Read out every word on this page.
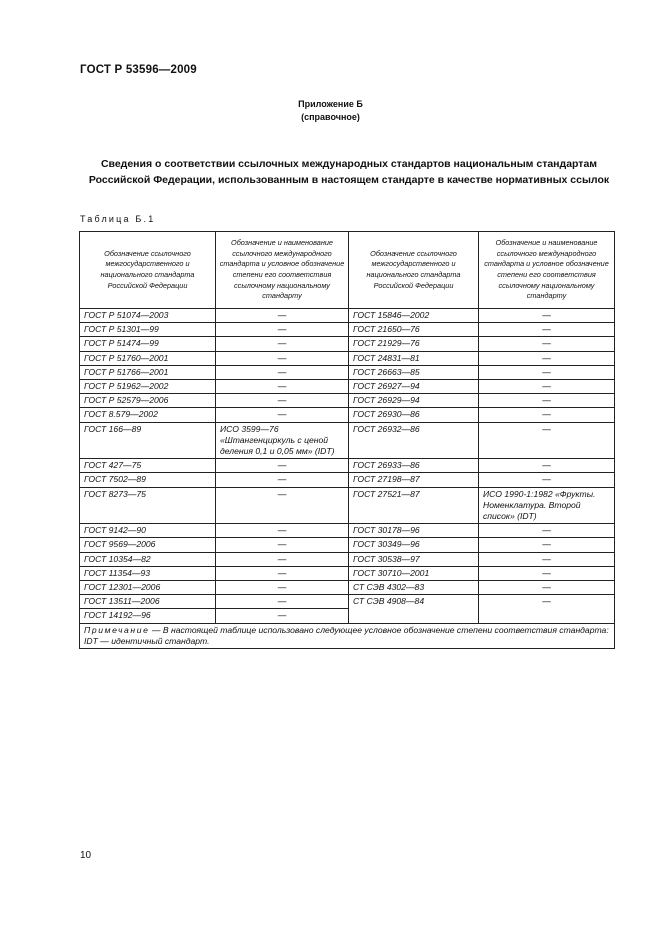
ГОСТ Р 53596—2009
Приложение Б
(справочное)
Сведения о соответствии ссылочных международных стандартов национальным стандартам Российской Федерации, использованным в настоящем стандарте в качестве нормативных ссылок
Таблица Б.1
Обозначение ссылочного межгосударственного и национального стандарта Российской Федерации	Обозначение и наименование ссылочного международного стандарта и условное обозначение степени его соответствия ссылочному национальному стандарту	Обозначение ссылочного межгосударственного и национального стандарта Российской Федерации	Обозначение и наименование ссылочного международного стандарта и условное обозначение степени его соответствия ссылочному национальному стандарту
ГОСТ Р 51074—2003	—	ГОСТ 15846—2002	—
ГОСТ Р 51301—99	—	ГОСТ 21650—76	—
ГОСТ Р 51474—99	—	ГОСТ 21929—76	—
ГОСТ Р 51760—2001	—	ГОСТ 24831—81	—
ГОСТ Р 51766—2001	—	ГОСТ 26663—85	—
ГОСТ Р 51962—2002	—	ГОСТ 26927—94	—
ГОСТ Р 52579—2006	—	ГОСТ 26929—94	—
ГОСТ 8.579—2002	—	ГОСТ 26930—86	—
ГОСТ 166—89	ИСО 3599—76 «Штангенциркуль с ценой деления 0,1 и 0,05 мм» (IDT)	ГОСТ 26932—86	—
ГОСТ 427—75	—	ГОСТ 26933—86	—
ГОСТ 7502—89	—	ГОСТ 27198—87	—
ГОСТ 8273—75	—	ГОСТ 27521—87	ИСО 1990-1:1982 «Фрукты. Номенклатура. Второй список» (IDT)
ГОСТ 9142—90	—	ГОСТ 30178—96	—
ГОСТ 9569—2006	—	ГОСТ 30349—96	—
ГОСТ 10354—82	—	ГОСТ 30538—97	—
ГОСТ 11354—93	—	ГОСТ 30710—2001	—
ГОСТ 12301—2006	—	СТ СЭВ 4302—83	—
ГОСТ 13511—2006	—	СТ СЭВ 4908—84	—
ГОСТ 14192—96	—		

Примечание — В настоящей таблице использовано следующее условное обозначение степени соответствия стандарта:
IDT — идентичный стандарт.			
10
